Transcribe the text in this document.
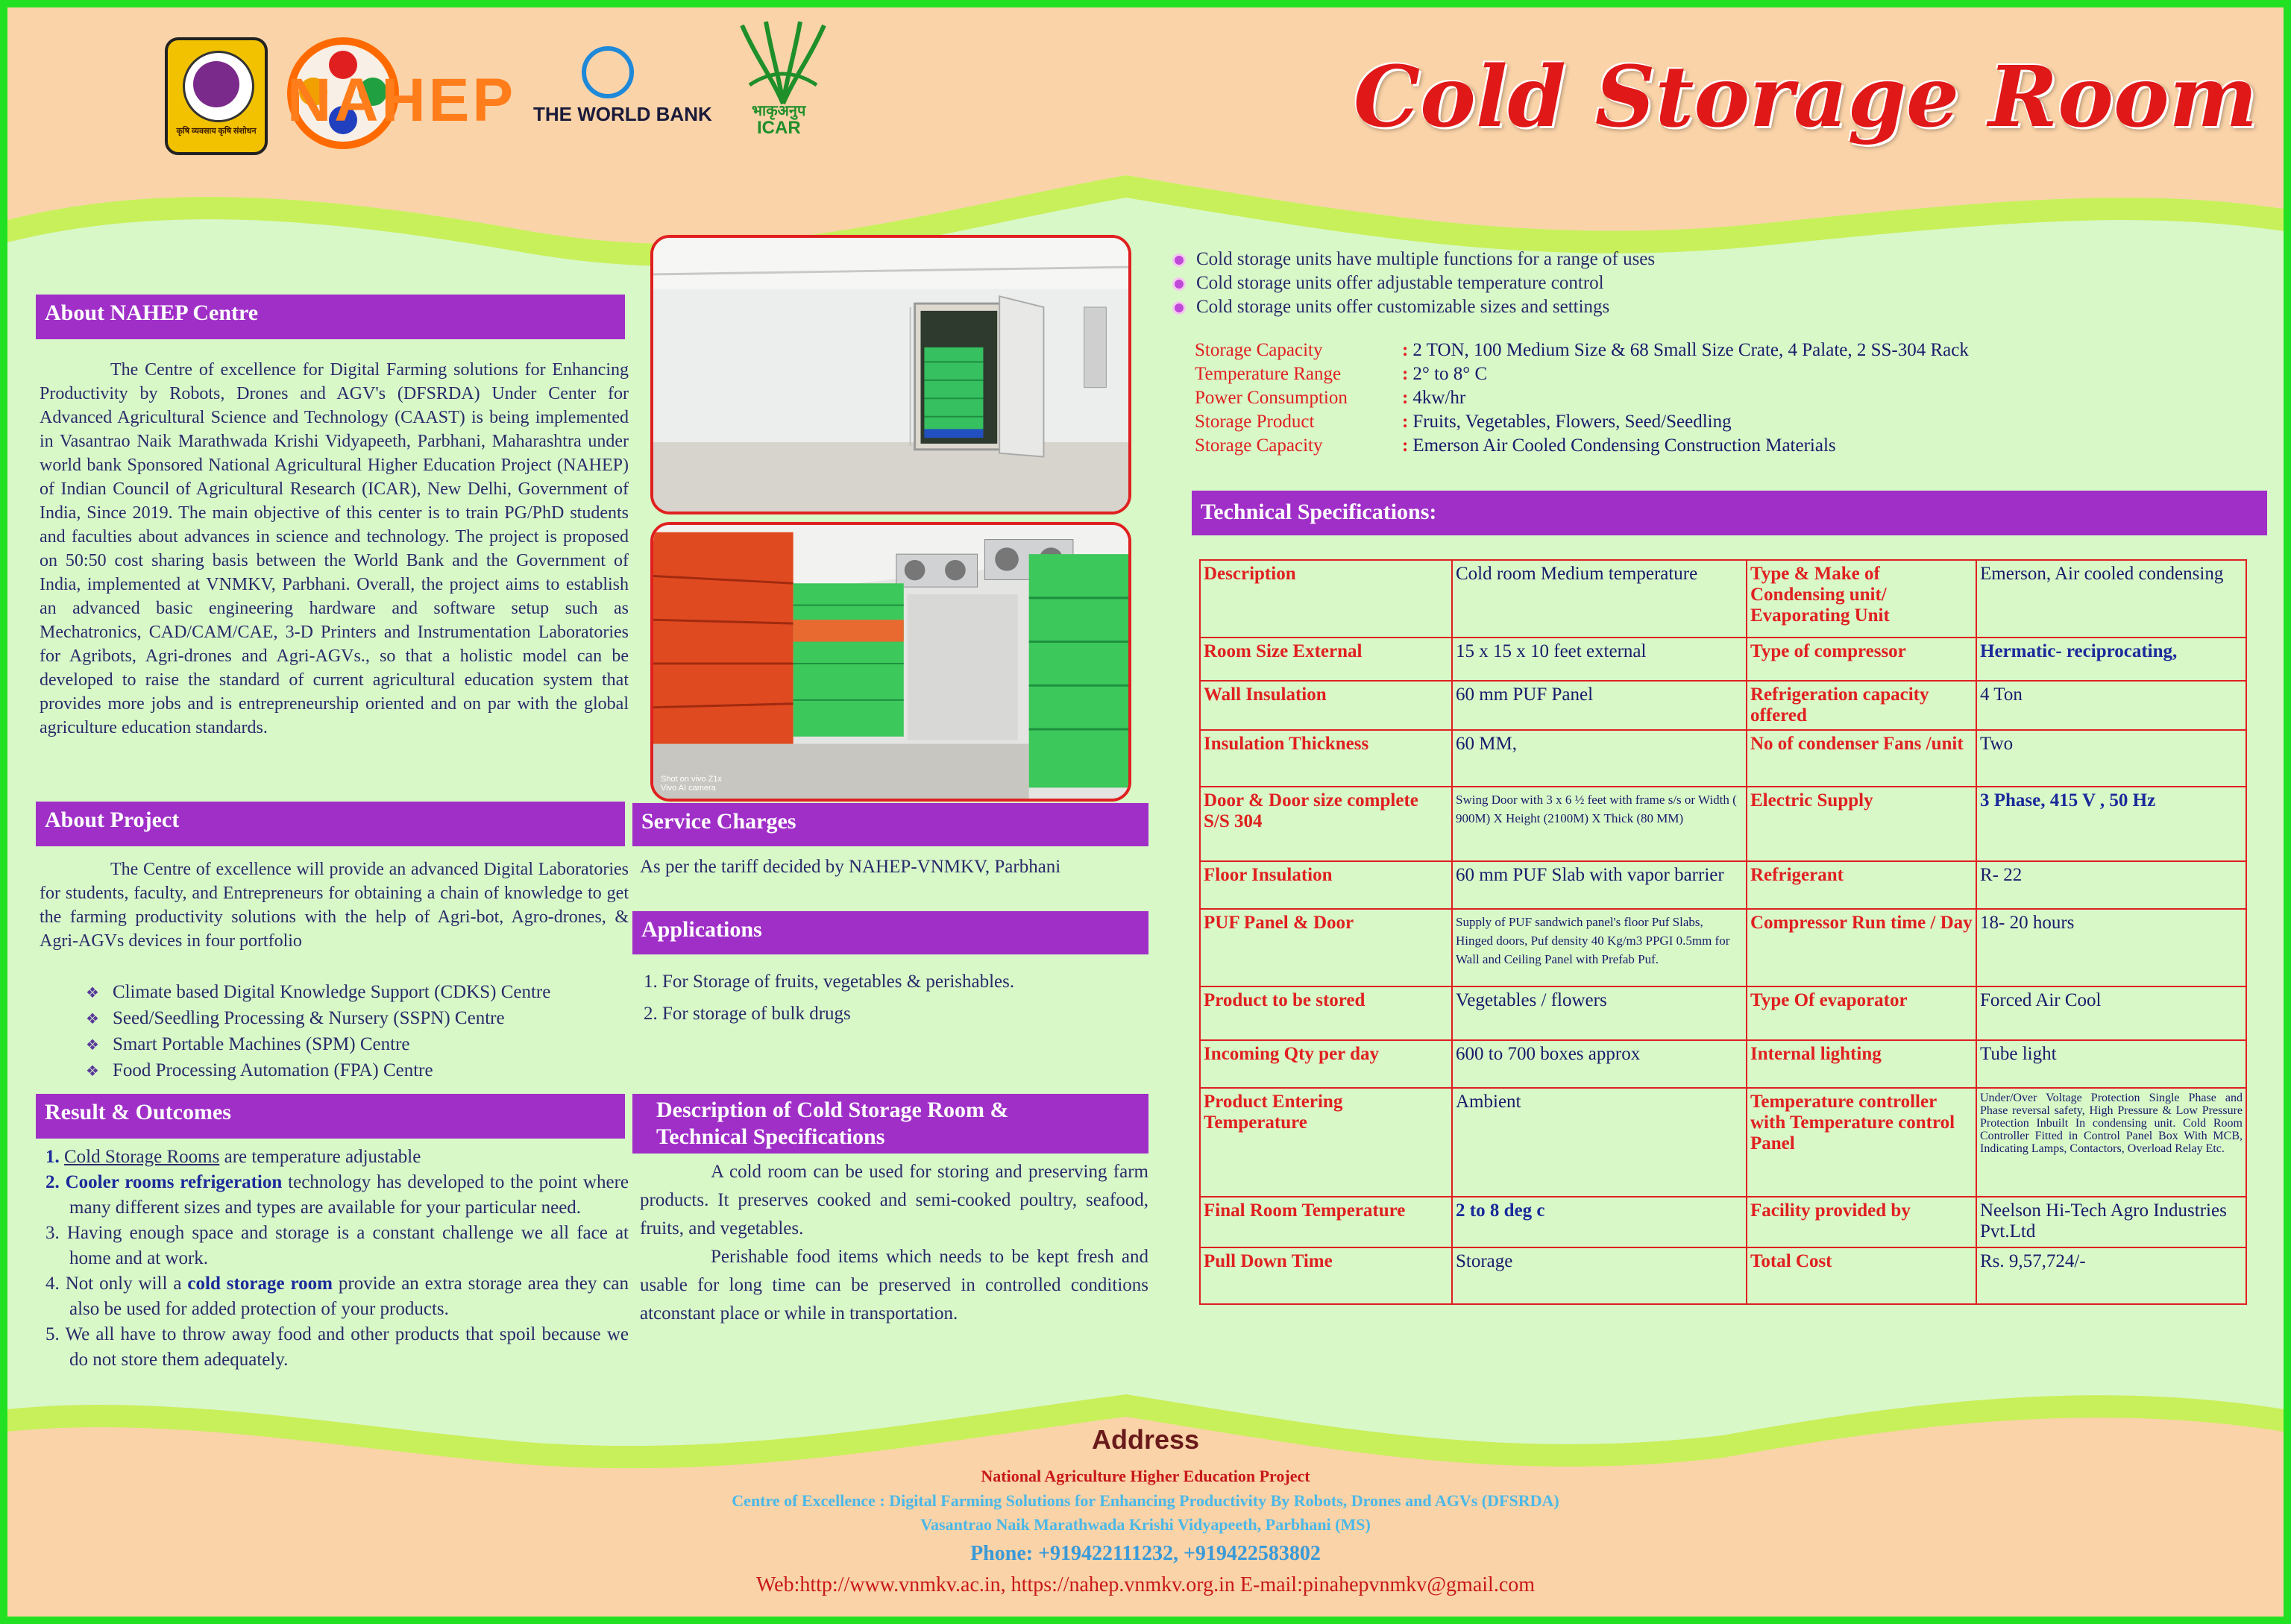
कृषि व्यवसाय कृषि संशोधन NAHEP THE WORLD BANK	भाकृअनुप
ICAR	Cold Storage Room
About NAHEP Centre

The Centre of excellence for Digital Farming solutions for Enhancing Productivity by Robots, Drones and AGV's (DFSRDA) Under Center for Advanced Agricultural Science and Technology (CAAST) is being implemented in Vasantrao Naik Marathwada Krishi Vidyapeeth, Parbhani, Maharashtra under world bank Sponsored National Agricultural Higher Education Project (NAHEP) of Indian Council of Agricultural Research (ICAR), New Delhi, Government of India, Since 2019. The main objective of this center is to train PG/PhD students and faculties about advances in science and technology. The project is proposed on 50:50 cost sharing basis between the World Bank and the Government of India, implemented at VNMKV, Parbhani. Overall, the project aims to establish an advanced basic engineering hardware and software setup such as Mechatronics, CAD/CAM/CAE, 3-D Printers and Instrumentation Laboratories for Agribots, Agri-drones and Agri-AGVs., so that a holistic model can be developed to raise the standard of current agricultural education system that provides more jobs and is entrepreneurship oriented and on par with the global agriculture education standards.

About Project

The Centre of excellence will provide an advanced Digital Laboratories for students, faculty, and Entrepreneurs for obtaining a chain of knowledge to get the farming productivity solutions with the help of Agri-bot, Agro-drones, & Agri-AGVs devices in four portfolio

❖ Climate based Digital Knowledge Support (CDKS) Centre
❖ Seed/Seedling Processing & Nursery (SSPN) Centre
❖ Smart Portable Machines (SPM) Centre
❖ Food Processing Automation (FPA) Centre
Result & Outcomes
1. Cold Storage Rooms are temperature adjustable
2. Cooler rooms refrigeration technology has developed to the point where many different sizes and types are available for your particular need.
3. Having enough space and storage is a constant challenge we all face at home and at work.
4. Not only will a cold storage room provide an extra storage area they can also be used for added protection of your products.
5. We all have to throw away food and other products that spoil because we do not store them adequately.
Shot on vivo Z1x
Vivo AI camera
Service Charges
As per the tariff decided by NAHEP-VNMKV, Parbhani
Applications
1. For Storage of fruits, vegetables & perishables.
2. For storage of bulk drugs
Description of Cold Storage Room &
Technical Specifications

A cold room can be used for storing and preserving farm products. It preserves cooked and semi-cooked poultry, seafood, fruits, and vegetables.

Perishable food items which needs to be kept fresh and usable for long time can be preserved in controlled conditions atconstant place or while in transportation.

Cold storage units have multiple functions for a range of uses
Cold storage units offer adjustable temperature control
Cold storage units offer customizable sizes and settings
Storage Capacity	: 2 TON, 100 Medium Size & 68 Small Size Crate, 4 Palate, 2 SS-304 Rack
Temperature Range	: 2° to 8° C
Power Consumption	: 4kw/hr
Storage Product	: Fruits, Vegetables, Flowers, Seed/Seedling
Storage Capacity	: Emerson Air Cooled Condensing Construction Materials
Technical Specifications:
Description	Cold room Medium temperature	Type & Make of Condensing unit/ Evaporating Unit	Emerson, Air cooled condensing
Room Size External	15 x 15 x 10 feet external	Type of compressor	Hermatic- reciprocating,
Wall Insulation	60 mm PUF Panel	Refrigeration capacity offered	4 Ton
Insulation Thickness	60 MM,	No of condenser Fans /unit	Two
Door & Door size complete S/S 304	Swing Door with 3 x 6 ½ feet with frame s/s or Width ( 900M) X Height (2100M) X Thick (80 MM)	Electric Supply	3 Phase, 415 V , 50 Hz
Floor Insulation	60 mm PUF Slab with vapor barrier	Refrigerant	R- 22
PUF Panel & Door	Supply of PUF sandwich panel's floor Puf Slabs, Hinged doors, Puf density 40 Kg/m3 PPGI 0.5mm for Wall and Ceiling Panel with Prefab Puf.	Compressor Run time / Day	18- 20 hours
Product to be stored	Vegetables / flowers	Type Of evaporator	Forced Air Cool
Incoming Qty per day	600 to 700 boxes approx	Internal lighting	Tube light
Product Entering Temperature	Ambient	Temperature controller with Temperature control Panel	Under/Over Voltage Protection Single Phase and Phase reversal safety, High Pressure & Low Pressure Protection Inbuilt In condensing unit. Cold Room Controller Fitted in Control Panel Box With MCB, Indicating Lamps, Contactors, Overload Relay Etc.
Final Room Temperature	2 to 8 deg c	Facility provided by	Neelson Hi-Tech Agro Industries Pvt.Ltd
Pull Down Time	Storage	Total Cost	Rs. 9,57,724/-
Address
National Agriculture Higher Education Project
Centre of Excellence : Digital Farming Solutions for Enhancing Productivity By Robots, Drones and AGVs (DFSRDA)
Vasantrao Naik Marathwada Krishi Vidyapeeth, Parbhani (MS)
Phone: +919422111232, +919422583802
Web:http://www.vnmkv.ac.in, https://nahep.vnmkv.org.in E-mail:pinahepvnmkv@gmail.com
